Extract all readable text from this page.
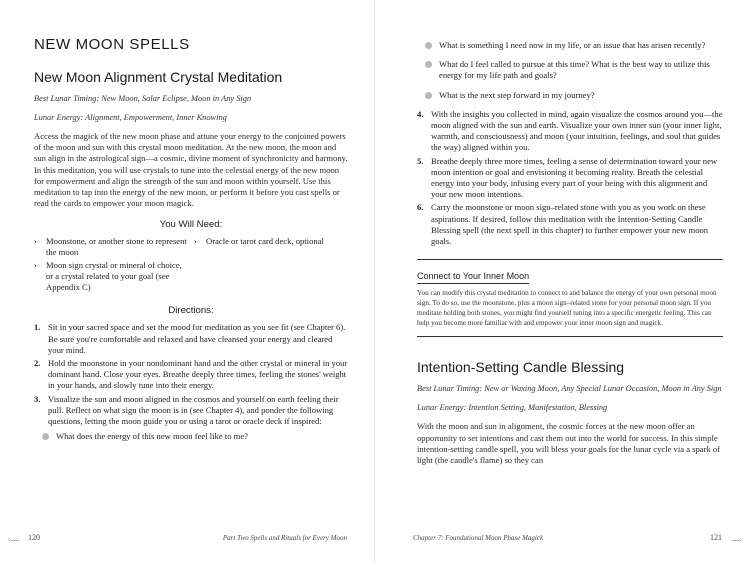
NEW MOON SPELLS
New Moon Alignment Crystal Meditation

Best Lunar Timing: New Moon, Solar Eclipse, Moon in Any Sign

Lunar Energy: Alignment, Empowerment, Inner Knowing

Access the magick of the new moon phase and attune your energy to the conjoined powers of the moon and sun with this crystal moon meditation. At the new moon, the moon and sun align in the astrological sign—a cosmic, divine moment of synchronicity and harmony. In this meditation, you will use crystals to tune into the celestial energy of the new moon for empowerment and align the strength of the sun and moon within yourself. Use this meditation to tap into the energy of the new moon, or perform it before you cast spells or read the cards to empower your moon magick.

You Will Need:
› Moonstone, or another stone to represent the moon
› Moon sign crystal or mineral of choice, or a crystal related to your goal (see Appendix C)
› Oracle or tarot card deck, optional
Directions:
1. Sit in your sacred space and set the mood for meditation as you see fit (see Chapter 6). Be sure you're comfortable and relaxed and have cleansed your energy and cleared your mind.
2. Hold the moonstone in your nondominant hand and the other crystal or mineral in your dominant hand. Close your eyes. Breathe deeply three times, feeling the stones' weight in your hands, and slowly tune into their energy.
3. Visualize the sun and moon aligned in the cosmos and yourself on earth feeling their pull. Reflect on what sign the moon is in (see Chapter 4), and ponder the following questions, letting the moon guide you or using a tarot or oracle deck if inspired:
What does the energy of this new moon feel like to me?
◦— 120	Part Two Spells and Rituals for Every Moon
What is something I need now in my life, or an issue that has arisen recently?
What do I feel called to pursue at this time? What is the best way to utilize this energy for my life path and goals?
What is the next step forward in my journey?
4. With the insights you collected in mind, again visualize the cosmos around you—the moon aligned with the sun and earth. Visualize your own inner sun (your inner light, warmth, and consciousness) and moon (your intuition, feelings, and soul that guides the way) aligned within you.
5. Breathe deeply three more times, feeling a sense of determination toward your new moon intention or goal and envisioning it becoming reality. Breath the celestial energy into your body, infusing every part of your being with this alignment and your new moon intentions.
6. Carry the moonstone or moon sign–related stone with you as you work on these aspirations. If desired, follow this meditation with the Intention-Setting Candle Blessing spell (the next spell in this chapter) to further empower your new moon goals.
Connect to Your Inner Moon

You can modify this crystal meditation to connect to and balance the energy of your own personal moon sign. To do so, use the moonstone, plus a moon sign–related stone for your personal moon sign. If you meditate holding both stones, you might find yourself tuning into a specific energetic feeling. This can help you become more familiar with and empower your inner moon sign and magick.

Intention-Setting Candle Blessing

Best Lunar Timing: New or Waxing Moon, Any Special Lunar Occasion, Moon in Any Sign

Lunar Energy: Intention Setting, Manifestation, Blessing

With the moon and sun in alignment, the cosmic forces at the new moon offer an opportunity to set intentions and cast them out into the world for success. In this simple intention-setting candle spell, you will bless your goals for the lunar cycle via a spark of light (the candle's flame) so they can

Chapter 7: Foundational Moon Phase Magick	121 —◦
